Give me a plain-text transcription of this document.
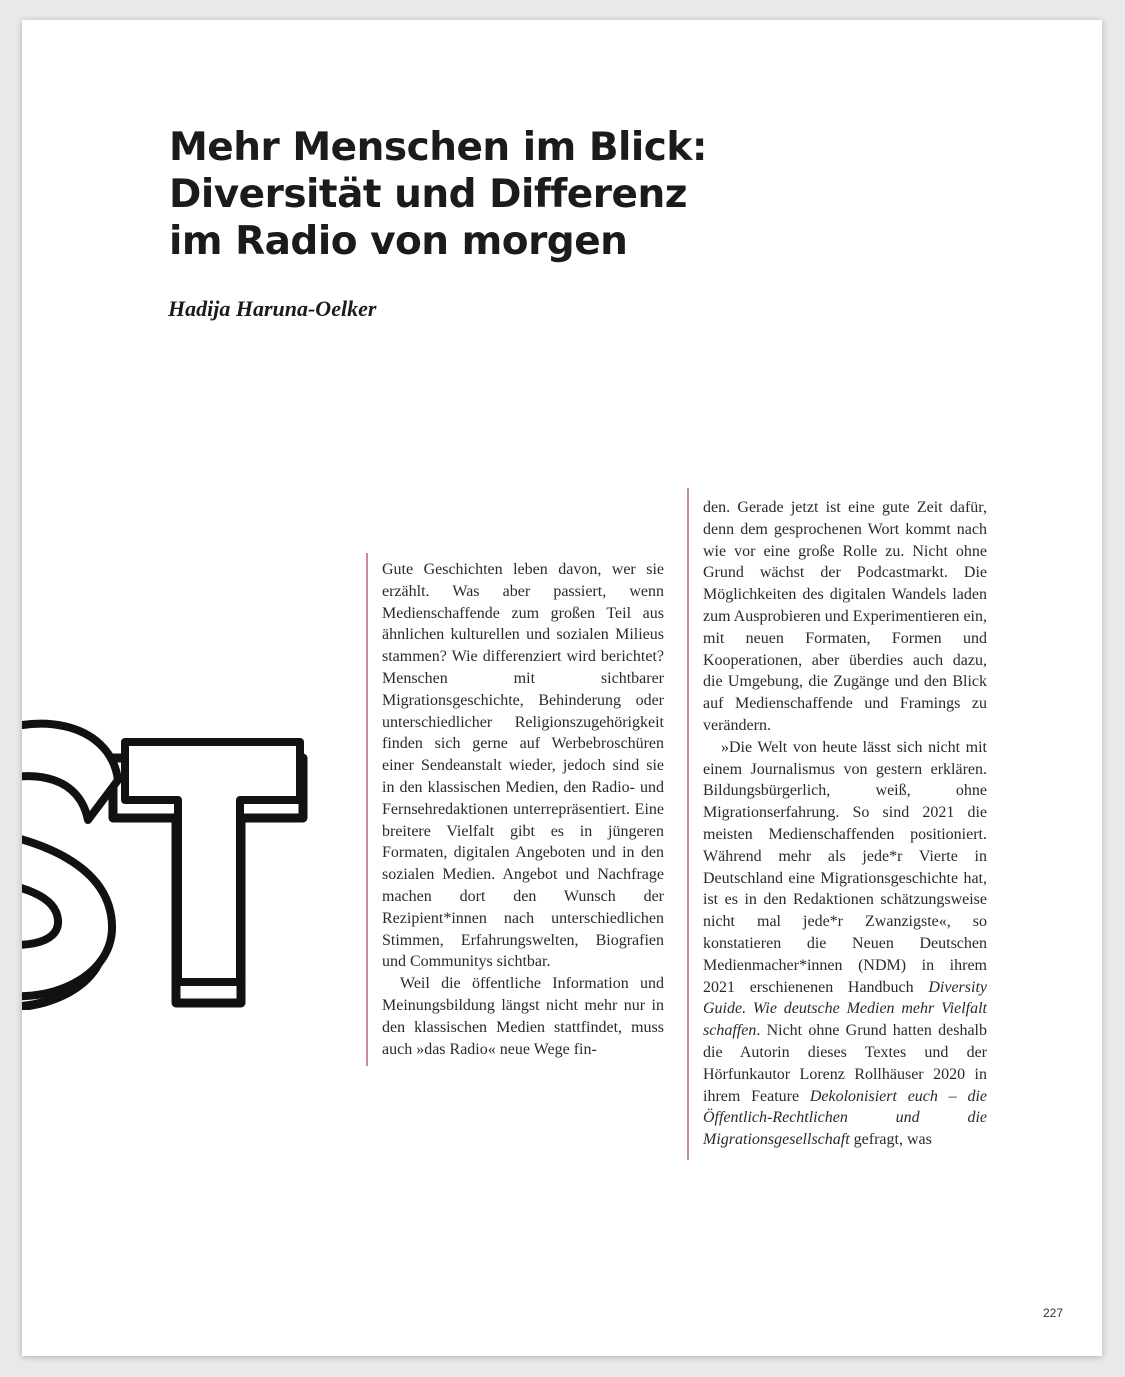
Mehr Menschen im Blick:
Diversität und Differenz
im Radio von morgen
Hadija Haruna-Oelker

Gute Geschichten leben davon, wer sie erzählt. Was aber passiert, wenn Medienschaffende zum großen Teil aus ähnlichen kulturellen und sozialen Milieus stammen? Wie differenziert wird berichtet? Menschen mit sichtbarer Migrationsgeschichte, Behinderung oder unterschiedlicher Religionszugehörigkeit finden sich gerne auf Werbebroschüren einer Sendeanstalt wieder, jedoch sind sie in den klassischen Medien, den Radio- und Fernsehredaktionen unterrepräsentiert. Eine breitere Vielfalt gibt es in jüngeren Formaten, digitalen Angeboten und in den sozialen Medien. Angebot und Nachfrage machen dort den Wunsch der Rezipient*innen nach unterschiedlichen Stimmen, Erfahrungswelten, Biografien und Communitys sichtbar.

Weil die öffentliche Information und Meinungsbildung längst nicht mehr nur in den klassischen Medien stattfindet, muss auch »das Radio« neue Wege fin-

den. Gerade jetzt ist eine gute Zeit dafür, denn dem gesprochenen Wort kommt nach wie vor eine große Rolle zu. Nicht ohne Grund wächst der Podcastmarkt. Die Möglichkeiten des digitalen Wandels laden zum Ausprobieren und Experimentieren ein, mit neuen Formaten, Formen und Kooperationen, aber überdies auch dazu, die Umgebung, die Zugänge und den Blick auf Medienschaffende und Framings zu verändern.

»Die Welt von heute lässt sich nicht mit einem Journalismus von gestern erklären. Bildungsbürgerlich, weiß, ohne Migrationserfahrung. So sind 2021 die meisten Medienschaffenden positioniert. Während mehr als jede*r Vierte in Deutschland eine Migrationsgeschichte hat, ist es in den Redaktionen schätzungsweise nicht mal jede*r Zwanzigste«, so konstatieren die Neuen Deutschen Medienmacher*innen (NDM) in ihrem 2021 erschienenen Handbuch Diversity Guide. Wie deutsche Medien mehr Vielfalt schaffen. Nicht ohne Grund hatten deshalb die Autorin dieses Textes und der Hörfunkautor Lorenz Rollhäuser 2020 in ihrem Feature Dekolonisiert euch – die Öffentlich-Rechtlichen und die Migrationsgesellschaft gefragt, was

227
